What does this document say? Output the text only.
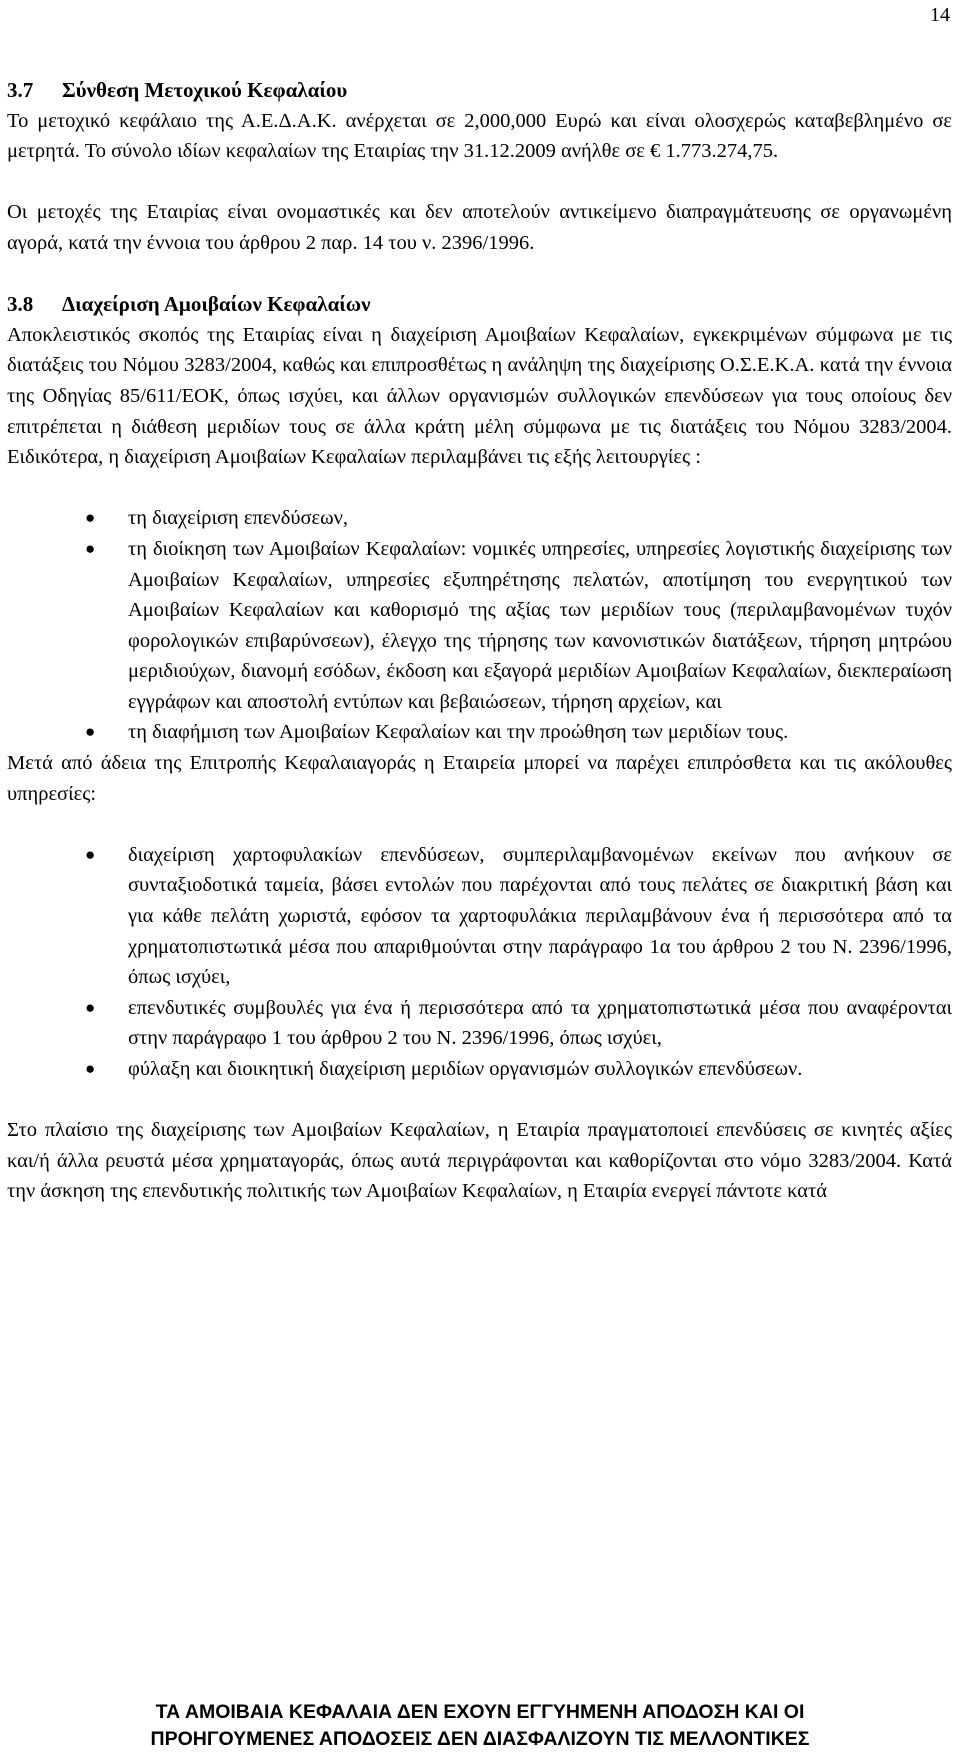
14
3.7 Σύνθεση Μετοχικού Κεφαλαίου

Το μετοχικό κεφάλαιο της Α.Ε.Δ.Α.Κ. ανέρχεται σε 2,000,000 Ευρώ και είναι ολοσχερώς καταβεβλημένο σε μετρητά. Το σύνολο ιδίων κεφαλαίων της Εταιρίας την 31.12.2009 ανήλθε σε € 1.773.274,75.

Οι μετοχές της Εταιρίας είναι ονομαστικές και δεν αποτελούν αντικείμενο διαπραγμάτευσης σε οργανωμένη αγορά, κατά την έννοια του άρθρου 2 παρ. 14 του ν. 2396/1996.

3.8 Διαχείριση Αμοιβαίων Κεφαλαίων

Αποκλειστικός σκοπός της Εταιρίας είναι η διαχείριση Αμοιβαίων Κεφαλαίων, εγκεκριμένων σύμφωνα με τις διατάξεις του Νόμου 3283/2004, καθώς και επιπροσθέτως η ανάληψη της διαχείρισης Ο.Σ.Ε.Κ.Α. κατά την έννοια της Οδηγίας 85/611/ΕΟΚ, όπως ισχύει, και άλλων οργανισμών συλλογικών επενδύσεων για τους οποίους δεν επιτρέπεται η διάθεση μεριδίων τους σε άλλα κράτη μέλη σύμφωνα με τις διατάξεις του Νόμου 3283/2004. Ειδικότερα, η διαχείριση Αμοιβαίων Κεφαλαίων περιλαμβάνει τις εξής λειτουργίες :

● τη διαχείριση επενδύσεων,
● τη διοίκηση των Αμοιβαίων Κεφαλαίων: νομικές υπηρεσίες, υπηρεσίες λογιστικής διαχείρισης των Αμοιβαίων Κεφαλαίων, υπηρεσίες εξυπηρέτησης πελατών, αποτίμηση του ενεργητικού των Αμοιβαίων Κεφαλαίων και καθορισμό της αξίας των μεριδίων τους (περιλαμβανομένων τυχόν φορολογικών επιβαρύνσεων), έλεγχο της τήρησης των κανονιστικών διατάξεων, τήρηση μητρώου μεριδιούχων, διανομή εσόδων, έκδοση και εξαγορά μεριδίων Αμοιβαίων Κεφαλαίων, διεκπεραίωση εγγράφων και αποστολή εντύπων και βεβαιώσεων, τήρηση αρχείων, και
● τη διαφήμιση των Αμοιβαίων Κεφαλαίων και την προώθηση των μεριδίων τους.

Μετά από άδεια της Επιτροπής Κεφαλαιαγοράς η Εταιρεία μπορεί να παρέχει επιπρόσθετα και τις ακόλουθες υπηρεσίες:

● διαχείριση χαρτοφυλακίων επενδύσεων, συμπεριλαμβανομένων εκείνων που ανήκουν σε συνταξιοδοτικά ταμεία, βάσει εντολών που παρέχονται από τους πελάτες σε διακριτική βάση και για κάθε πελάτη χωριστά, εφόσον τα χαρτοφυλάκια περιλαμβάνουν ένα ή περισσότερα από τα χρηματοπιστωτικά μέσα που απαριθμούνται στην παράγραφο 1α του άρθρου 2 του Ν. 2396/1996, όπως ισχύει,
● επενδυτικές συμβουλές για ένα ή περισσότερα από τα χρηματοπιστωτικά μέσα που αναφέρονται στην παράγραφο 1 του άρθρου 2 του Ν. 2396/1996, όπως ισχύει,
● φύλαξη και διοικητική διαχείριση μεριδίων οργανισμών συλλογικών επενδύσεων.

Στο πλαίσιο της διαχείρισης των Αμοιβαίων Κεφαλαίων, η Εταιρία πραγματοποιεί επενδύσεις σε κινητές αξίες και/ή άλλα ρευστά μέσα χρηματαγοράς, όπως αυτά περιγράφονται και καθορίζονται στο νόμο 3283/2004. Κατά την άσκηση της επενδυτικής πολιτικής των Αμοιβαίων Κεφαλαίων, η Εταιρία ενεργεί πάντοτε κατά

ΤΑ ΑΜΟΙΒΑΙΑ ΚΕΦΑΛΑΙΑ ΔΕΝ ΕΧΟΥΝ ΕΓΓΥΗΜΕΝΗ ΑΠΟΔΟΣΗ ΚΑΙ ΟΙ
ΠΡΟΗΓΟΥΜΕΝΕΣ ΑΠΟΔΟΣΕΙΣ ΔΕΝ ΔΙΑΣΦΑΛΙΖΟΥΝ ΤΙΣ ΜΕΛΛΟΝΤΙΚΕΣ
